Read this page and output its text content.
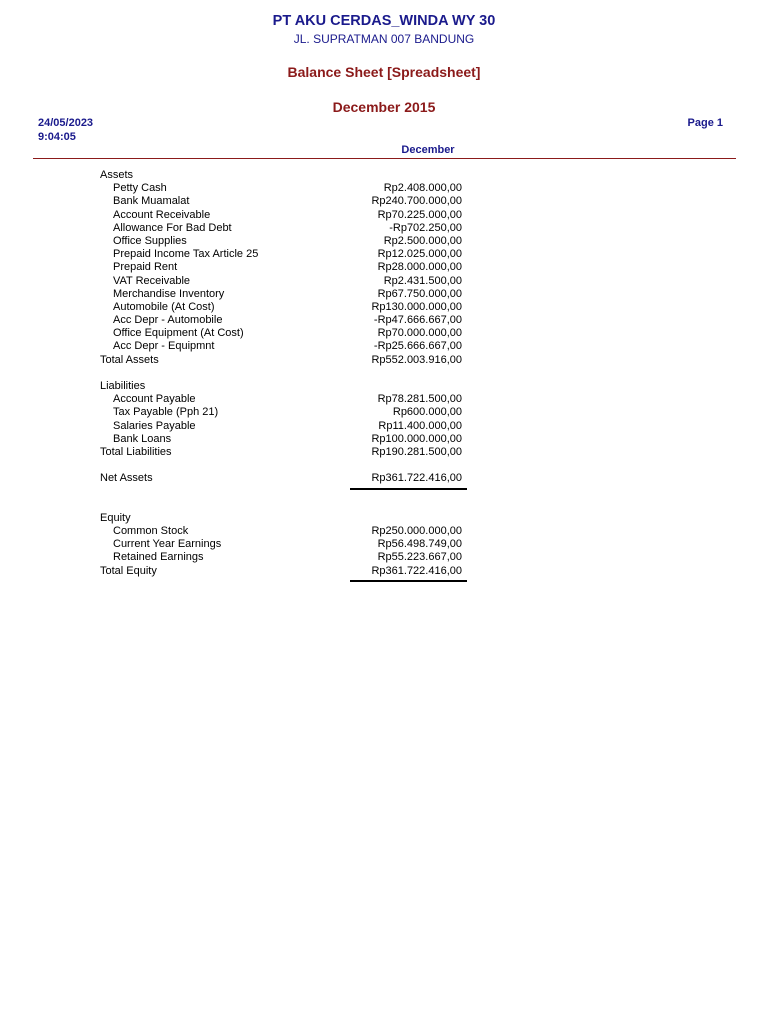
PT AKU CERDAS_WINDA WY 30
JL. SUPRATMAN 007 BANDUNG
Balance Sheet [Spreadsheet]
December 2015
24/05/2023
9:04:05
Page 1
December
Assets
Petty Cash	Rp2.408.000,00
Bank Muamalat	Rp240.700.000,00
Account Receivable	Rp70.225.000,00
Allowance For Bad Debt	-Rp702.250,00
Office Supplies	Rp2.500.000,00
Prepaid Income Tax Article 25	Rp12.025.000,00
Prepaid Rent	Rp28.000.000,00
VAT Receivable	Rp2.431.500,00
Merchandise Inventory	Rp67.750.000,00
Automobile (At Cost)	Rp130.000.000,00
Acc Depr - Automobile	-Rp47.666.667,00
Office Equipment (At Cost)	Rp70.000.000,00
Acc Depr - Equipmnt	-Rp25.666.667,00
Total Assets	Rp552.003.916,00
Liabilities
Account Payable	Rp78.281.500,00
Tax Payable (Pph 21)	Rp600.000,00
Salaries Payable	Rp11.400.000,00
Bank Loans	Rp100.000.000,00
Total Liabilities	Rp190.281.500,00
Net Assets	Rp361.722.416,00
Equity
Common Stock	Rp250.000.000,00
Current Year Earnings	Rp56.498.749,00
Retained Earnings	Rp55.223.667,00
Total Equity	Rp361.722.416,00
